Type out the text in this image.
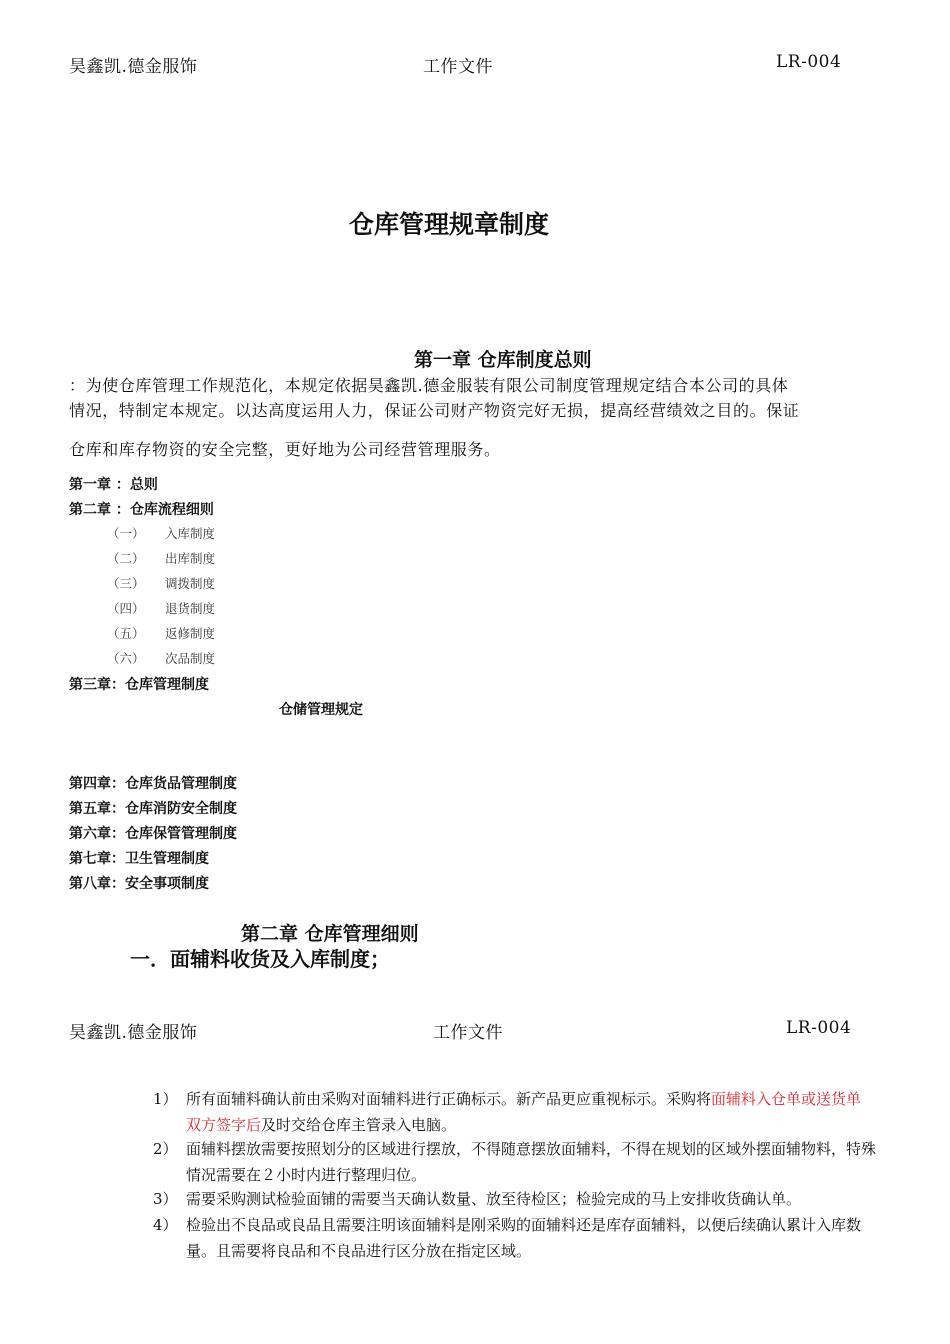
昊鑫凯.德金服饰	工作文件	LR-004
仓库管理规章制度
第一章 仓库制度总则
：为使仓库管理工作规范化，本规定依据昊鑫凯.德金服装有限公司制度管理规定结合本公司的具体
情况，特制定本规定。以达高度运用人力，保证公司财产物资完好无损，提高经营绩效之目的。保证
仓库和库存物资的安全完整，更好地为公司经营管理服务。
第一章 ：总则
第二章 ：仓库流程细则
（一） 入库制度
（二） 出库制度
（三） 调拨制度
（四） 退货制度
（五） 返修制度
（六） 次品制度
第三章：仓库管理制度
仓储管理规定
第四章：仓库货品管理制度
第五章：仓库消防安全制度
第六章：仓库保管管理制度
第七章：卫生管理制度
第八章：安全事项制度
第二章 仓库管理细则
一．面辅料收货及入库制度；
昊鑫凯.德金服饰	工作文件	LR-004
1） 所有面辅料确认前由采购对面辅料进行正确标示。新产品更应重视标示。采购将面辅料入仓单或送货单双方签字后及时交给仓库主管录入电脑。
2） 面辅料摆放需要按照划分的区域进行摆放，不得随意摆放面辅料，不得在规划的区域外摆面辅物料，特殊情况需要在２小时内进行整理归位。
3） 需要采购测试检验面铺的需要当天确认数量、放至待检区；检验完成的马上安排收货确认单。
4） 检验出不良品或良品且需要注明该面辅料是刚采购的面辅料还是库存面辅料，以便后续确认累计入库数量。且需要将良品和不良品进行区分放在指定区域。
